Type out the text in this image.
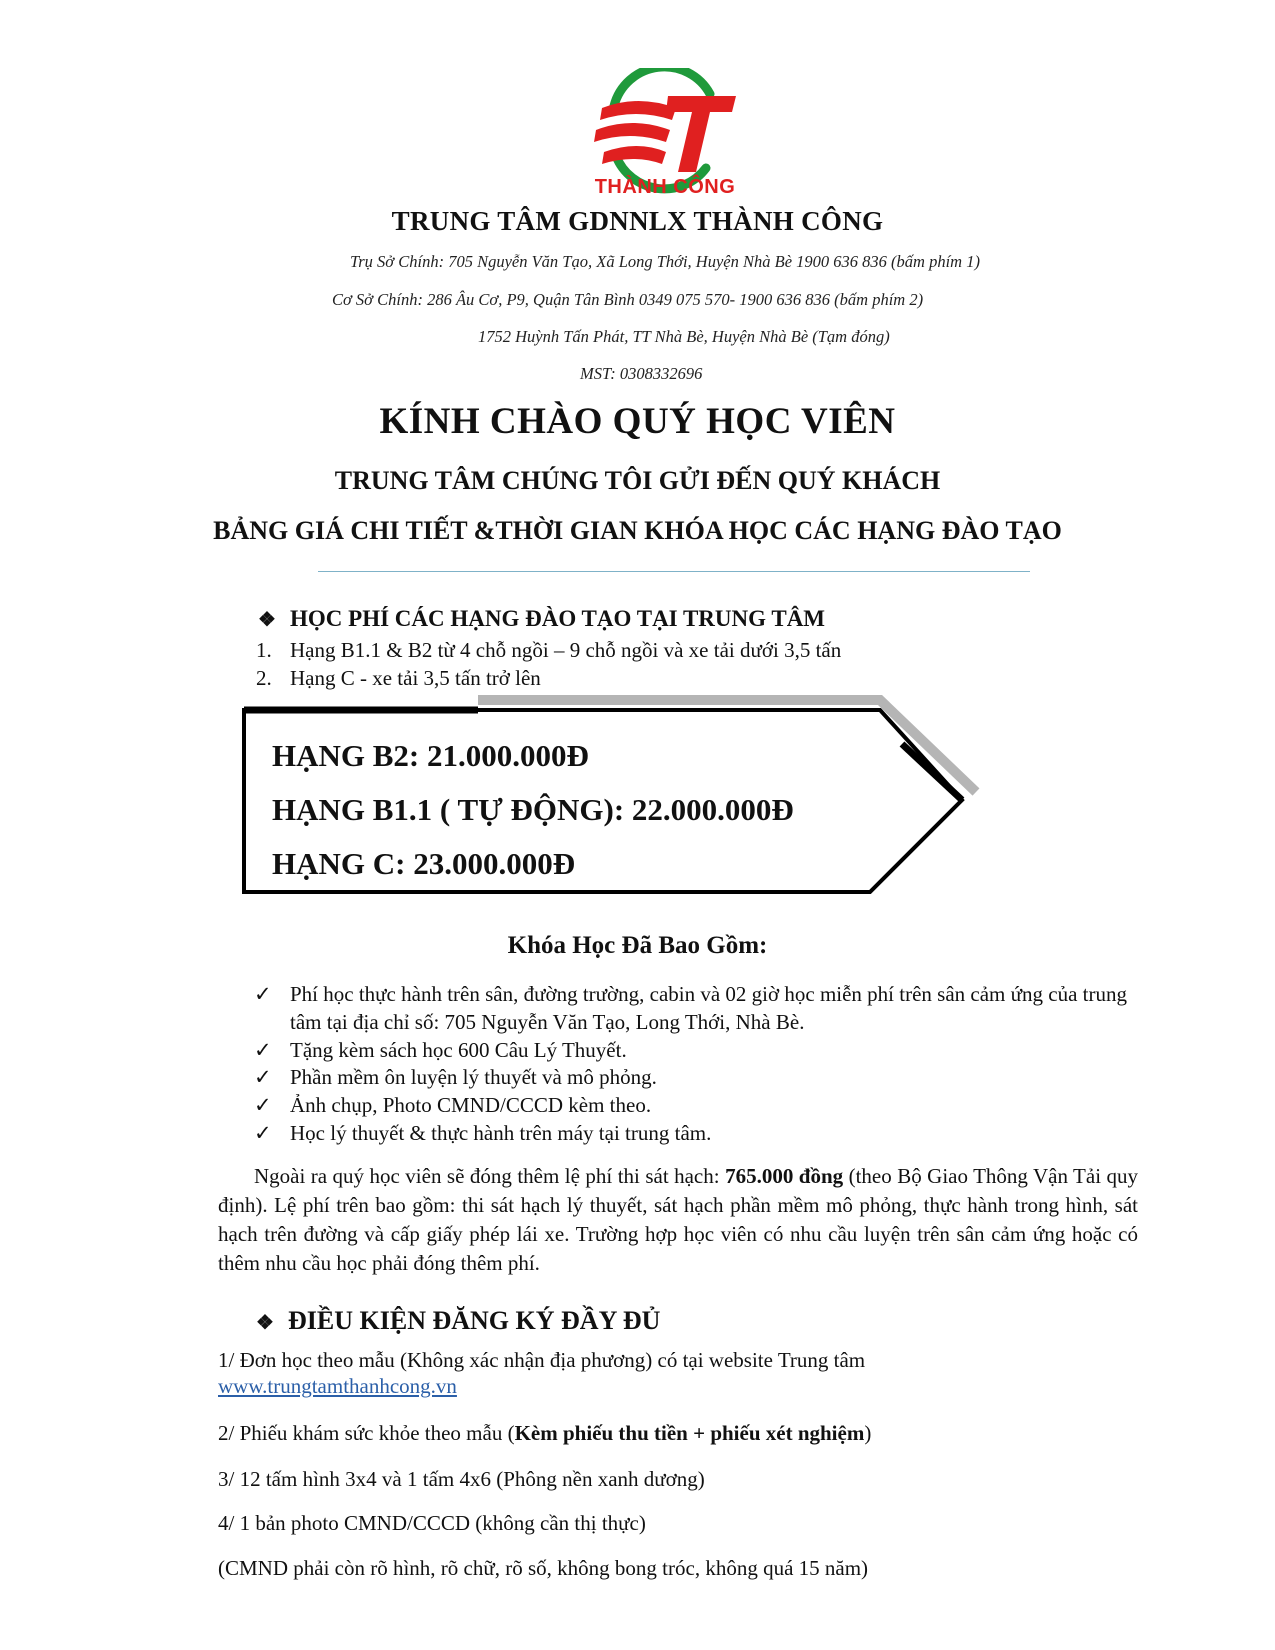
THÀNH CÔNG
TRUNG TÂM GDNNLX THÀNH CÔNG
Trụ Sở Chính: 705 Nguyễn Văn Tạo, Xã Long Thới, Huyện Nhà Bè 1900 636 836 (bấm phím 1)
Cơ Sở Chính: 286 Âu Cơ, P9, Quận Tân Bình 0349 075 570- 1900 636 836 (bấm phím 2)
1752 Huỳnh Tấn Phát, TT Nhà Bè, Huyện Nhà Bè (Tạm đóng)
MST: 0308332696
KÍNH CHÀO QUÝ HỌC VIÊN
TRUNG TÂM CHÚNG TÔI GỬI ĐẾN QUÝ KHÁCH
BẢNG GIÁ CHI TIẾT &THỜI GIAN KHÓA HỌC CÁC HẠNG ĐÀO TẠO
❖ HỌC PHÍ CÁC HẠNG ĐÀO TẠO TẠI TRUNG TÂM
1. Hạng B1.1 & B2 từ 4 chỗ ngồi – 9 chỗ ngồi và xe tải dưới 3,5 tấn
2. Hạng C - xe tải 3,5 tấn trở lên
HẠNG B2: 21.000.000Đ
HẠNG B1.1 ( TỰ ĐỘNG): 22.000.000Đ
HẠNG C: 23.000.000Đ
Khóa Học Đã Bao Gồm:
✓ Phí học thực hành trên sân, đường trường, cabin và 02 giờ học miễn phí trên sân cảm ứng của trung tâm tại địa chỉ số: 705 Nguyễn Văn Tạo, Long Thới, Nhà Bè.
✓ Tặng kèm sách học 600 Câu Lý Thuyết.
✓ Phần mềm ôn luyện lý thuyết và mô phỏng.
✓ Ảnh chụp, Photo CMND/CCCD kèm theo.
✓ Học lý thuyết & thực hành trên máy tại trung tâm.
Ngoài ra quý học viên sẽ đóng thêm lệ phí thi sát hạch: 765.000 đồng (theo Bộ Giao Thông Vận Tải quy định). Lệ phí trên bao gồm: thi sát hạch lý thuyết, sát hạch phần mềm mô phỏng, thực hành trong hình, sát hạch trên đường và cấp giấy phép lái xe. Trường hợp học viên có nhu cầu luyện trên sân cảm ứng hoặc có thêm nhu cầu học phải đóng thêm phí.
❖ ĐIỀU KIỆN ĐĂNG KÝ ĐẦY ĐỦ
1/ Đơn học theo mẫu (Không xác nhận địa phương) có tại website Trung tâm
www.trungtamthanhcong.vn
2/ Phiếu khám sức khỏe theo mẫu (Kèm phiếu thu tiền + phiếu xét nghiệm)
3/ 12 tấm hình 3x4 và 1 tấm 4x6 (Phông nền xanh dương)
4/ 1 bản photo CMND/CCCD (không cần thị thực)
(CMND phải còn rõ hình, rõ chữ, rõ số, không bong tróc, không quá 15 năm)
